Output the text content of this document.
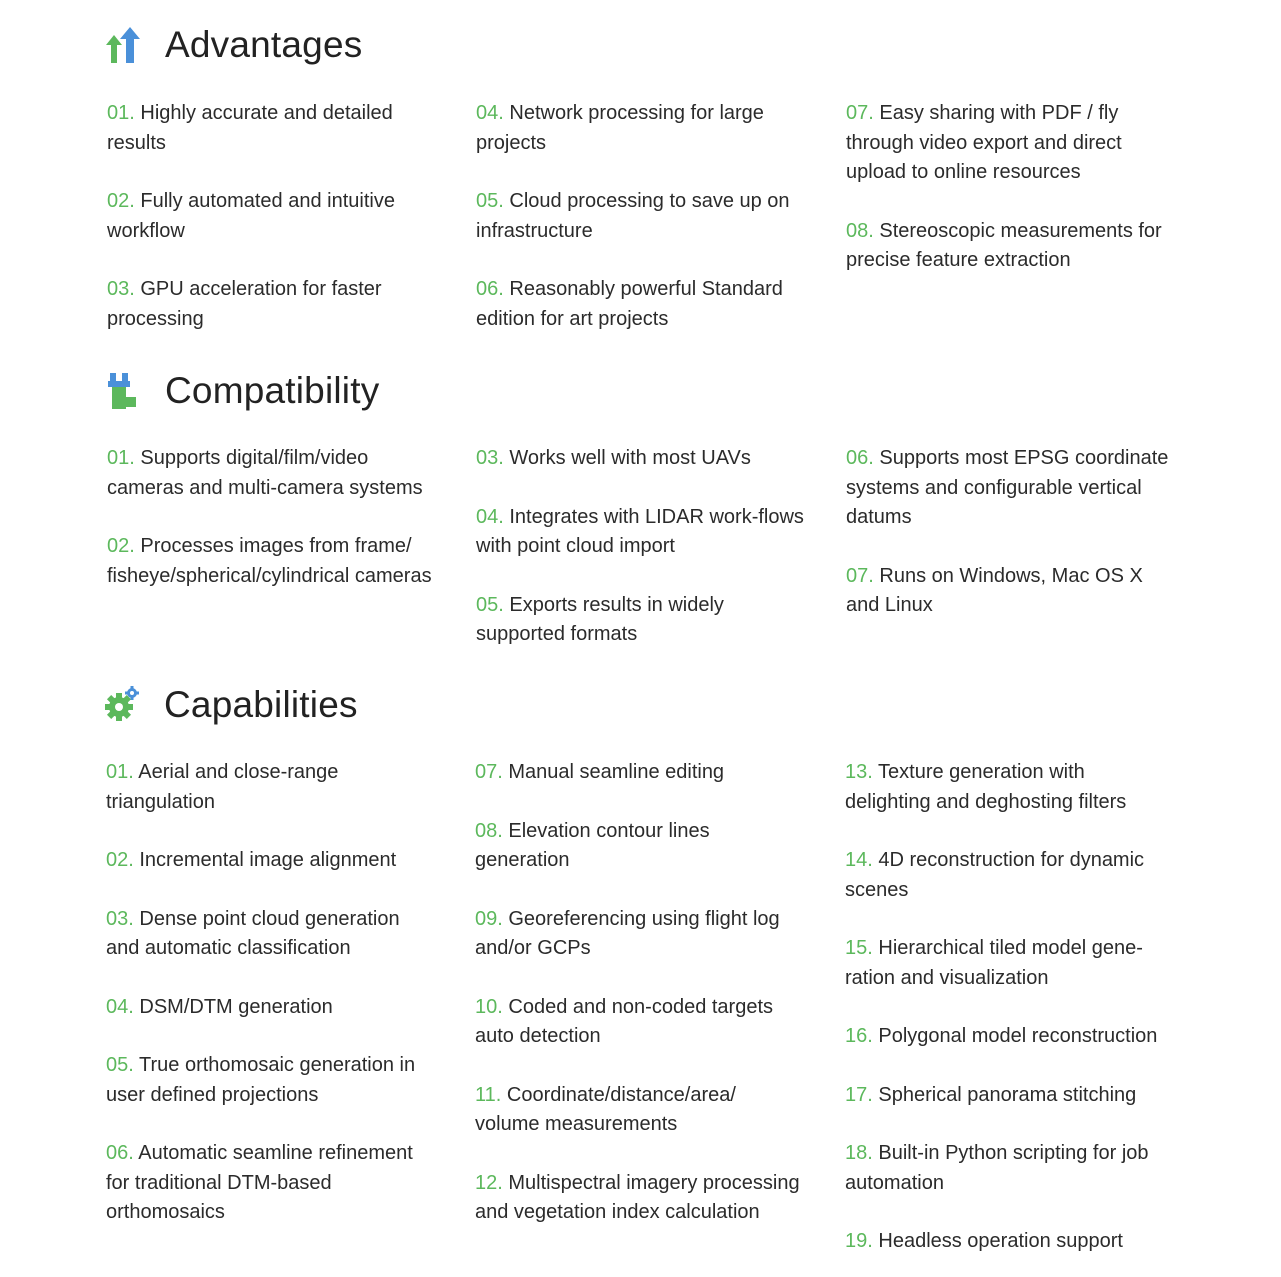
Advantages

01. Highly accurate and detailed results

02. Fully automated and intuitive workflow

03. GPU acceleration for faster processing

04. Network processing for large projects

05. Cloud processing to save up on infrastructure

06. Reasonably powerful Standard edition for art projects

07. Easy sharing with PDF / fly through video export and direct upload to online resources

08. Stereoscopic measurements for precise feature extraction

Compatibility

01. Supports digital/film/video cameras and multi-camera systems

02. Processes images from frame/ fisheye/spherical/cylindrical cameras

03. Works well with most UAVs

04. Integrates with LIDAR work-flows with point cloud import

05. Exports results in widely supported formats

06. Supports most EPSG coordinate systems and configurable vertical datums

07. Runs on Windows, Mac OS X and Linux

Capabilities

01. Aerial and close-range triangulation

02. Incremental image alignment

03. Dense point cloud generation and automatic classification

04. DSM/DTM generation

05. True orthomosaic generation in user defined projections

06. Automatic seamline refinement for traditional DTM-based orthomosaics

07. Manual seamline editing

08. Elevation contour lines generation

09. Georeferencing using flight log and/or GCPs

10. Coded and non-coded targets auto detection

11. Coordinate/distance/area/ volume measurements

12. Multispectral imagery processing and vegetation index calculation

13. Texture generation with delighting and deghosting filters

14. 4D reconstruction for dynamic scenes

15. Hierarchical tiled model gene-ration and visualization

16. Polygonal model reconstruction

17. Spherical panorama stitching

18. Built-in Python scripting for job automation

19. Headless operation support
